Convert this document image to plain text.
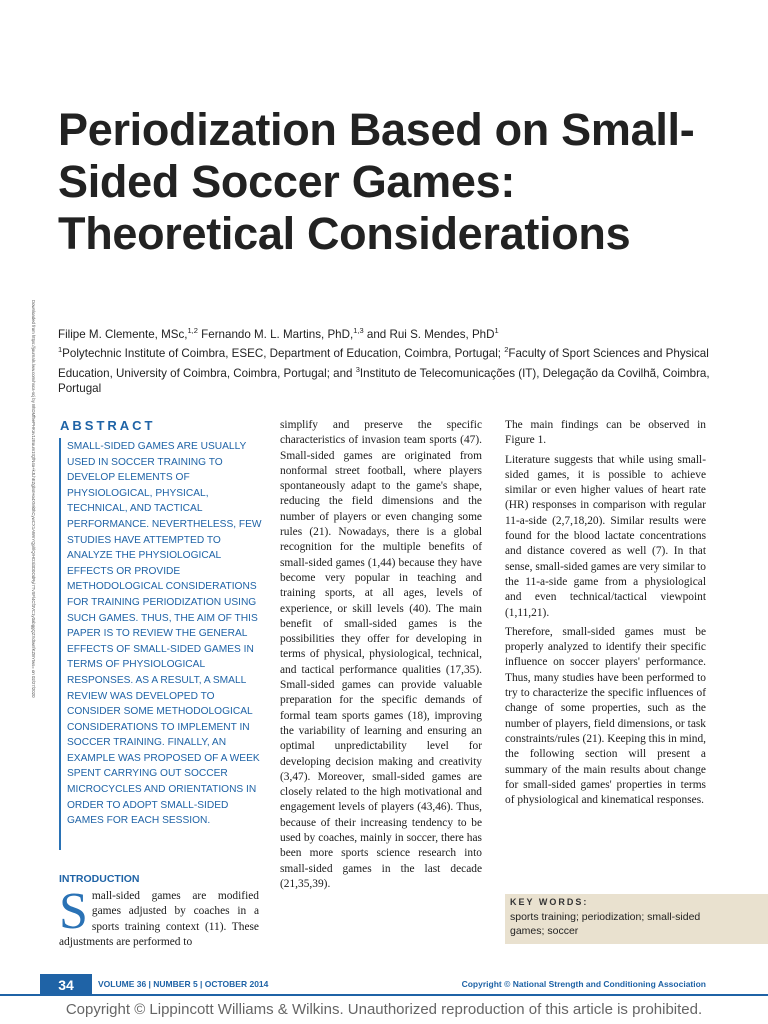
Periodization Based on Small-Sided Soccer Games: Theoretical Considerations
Downloaded from https://journals.lww.com/nsca-scj by BhDMf5ePHKav1zEoum1tQfN4a+kJLhEZgbsIHo4XMi0hCywCX1AWnYQp/IlQrHD3i3D0OdRyi7TvSFl4Cf3VC1y0abggQZXdtwnfKZBYtws= on 02/27/2020 Filipe M. Clemente, MSc,$^{1,2}$ Fernando M. L. Martins, PhD,$^{1,3}$ and Rui S. Mendes, PhD$^1$
$^1$Polytechnic Institute of Coimbra, ESEC, Department of Education, Coimbra, Portugal; $^2$Faculty of Sport Sciences and Physical Education, University of Coimbra, Coimbra, Portugal; and $^3$Instituto de Telecomunicações (IT), Delegação da Covilhã, Coimbra, Portugal
ABSTRACT

SMALL-SIDED GAMES ARE USUALLY USED IN SOCCER TRAINING TO DEVELOP ELEMENTS OF PHYSIOLOGICAL, PHYSICAL, TECHNICAL, AND TACTICAL PERFORMANCE. NEVERTHELESS, FEW STUDIES HAVE ATTEMPTED TO ANALYZE THE PHYSIOLOGICAL EFFECTS OR PROVIDE METHODOLOGICAL CONSIDERATIONS FOR TRAINING PERIODIZATION USING SUCH GAMES. THUS, THE AIM OF THIS PAPER IS TO REVIEW THE GENERAL EFFECTS OF SMALL-SIDED GAMES IN TERMS OF PHYSIOLOGICAL RESPONSES. AS A RESULT, A SMALL REVIEW WAS DEVELOPED TO CONSIDER SOME METHODOLOGICAL CONSIDERATIONS TO IMPLEMENT IN SOCCER TRAINING. FINALLY, AN EXAMPLE WAS PROPOSED OF A WEEK SPENT CARRYING OUT SOCCER MICROCYCLES AND ORIENTATIONS IN ORDER TO ADOPT SMALL-SIDED GAMES FOR EACH SESSION.

INTRODUCTION

Small-sided games are modified games adjusted by coaches in a sports training context (11). These adjustments are performed to

simplify and preserve the specific characteristics of invasion team sports (47). Small-sided games are originated from nonformal street football, where players spontaneously adapt to the game's shape, reducing the field dimensions and the number of players or even changing some rules (21). Nowadays, there is a global recognition for the multiple benefits of small-sided games (1,44) because they have become very popular in teaching and training sports, at all ages, levels of experience, or skill levels (40). The main benefit of small-sided games is the possibilities they offer for developing in terms of physical, physiological, technical, and tactical performance qualities (17,35). Small-sided games can provide valuable preparation for the specific demands of formal team sports games (18), improving the variability of learning and ensuring an optimal unpredictability level for developing decision making and creativity (3,47). Moreover, small-sided games are closely related to the high motivational and engagement levels of players (43,46). Thus, because of their increasing tendency to be used by coaches, mainly in soccer, there has been more sports science research into small-sided games in the last decade (21,35,39).

The main findings can be observed in Figure 1.

Literature suggests that while using small-sided games, it is possible to achieve similar or even higher values of heart rate (HR) responses in comparison with regular 11-a-side (2,7,18,20). Similar results were found for the blood lactate concentrations and distance covered as well (7). In that sense, small-sided games are very similar to the 11-a-side game from a physiological and even technical/tactical viewpoint (1,11,21).

Therefore, small-sided games must be properly analyzed to identify their specific influence on soccer players' performance. Thus, many studies have been performed to try to characterize the specific influences of change of some properties, such as the number of players, field dimensions, or task constraints/rules (21). Keeping this in mind, the following section will present a summary of the main results about change for small-sided games' properties in terms of physiological and kinematical responses.

KEY WORDS:
sports training; periodization; small-sided games; soccer
34	VOLUME 36 | NUMBER 5 | OCTOBER 2014	Copyright © National Strength and Conditioning Association
Copyright © Lippincott Williams & Wilkins. Unauthorized reproduction of this article is prohibited.
